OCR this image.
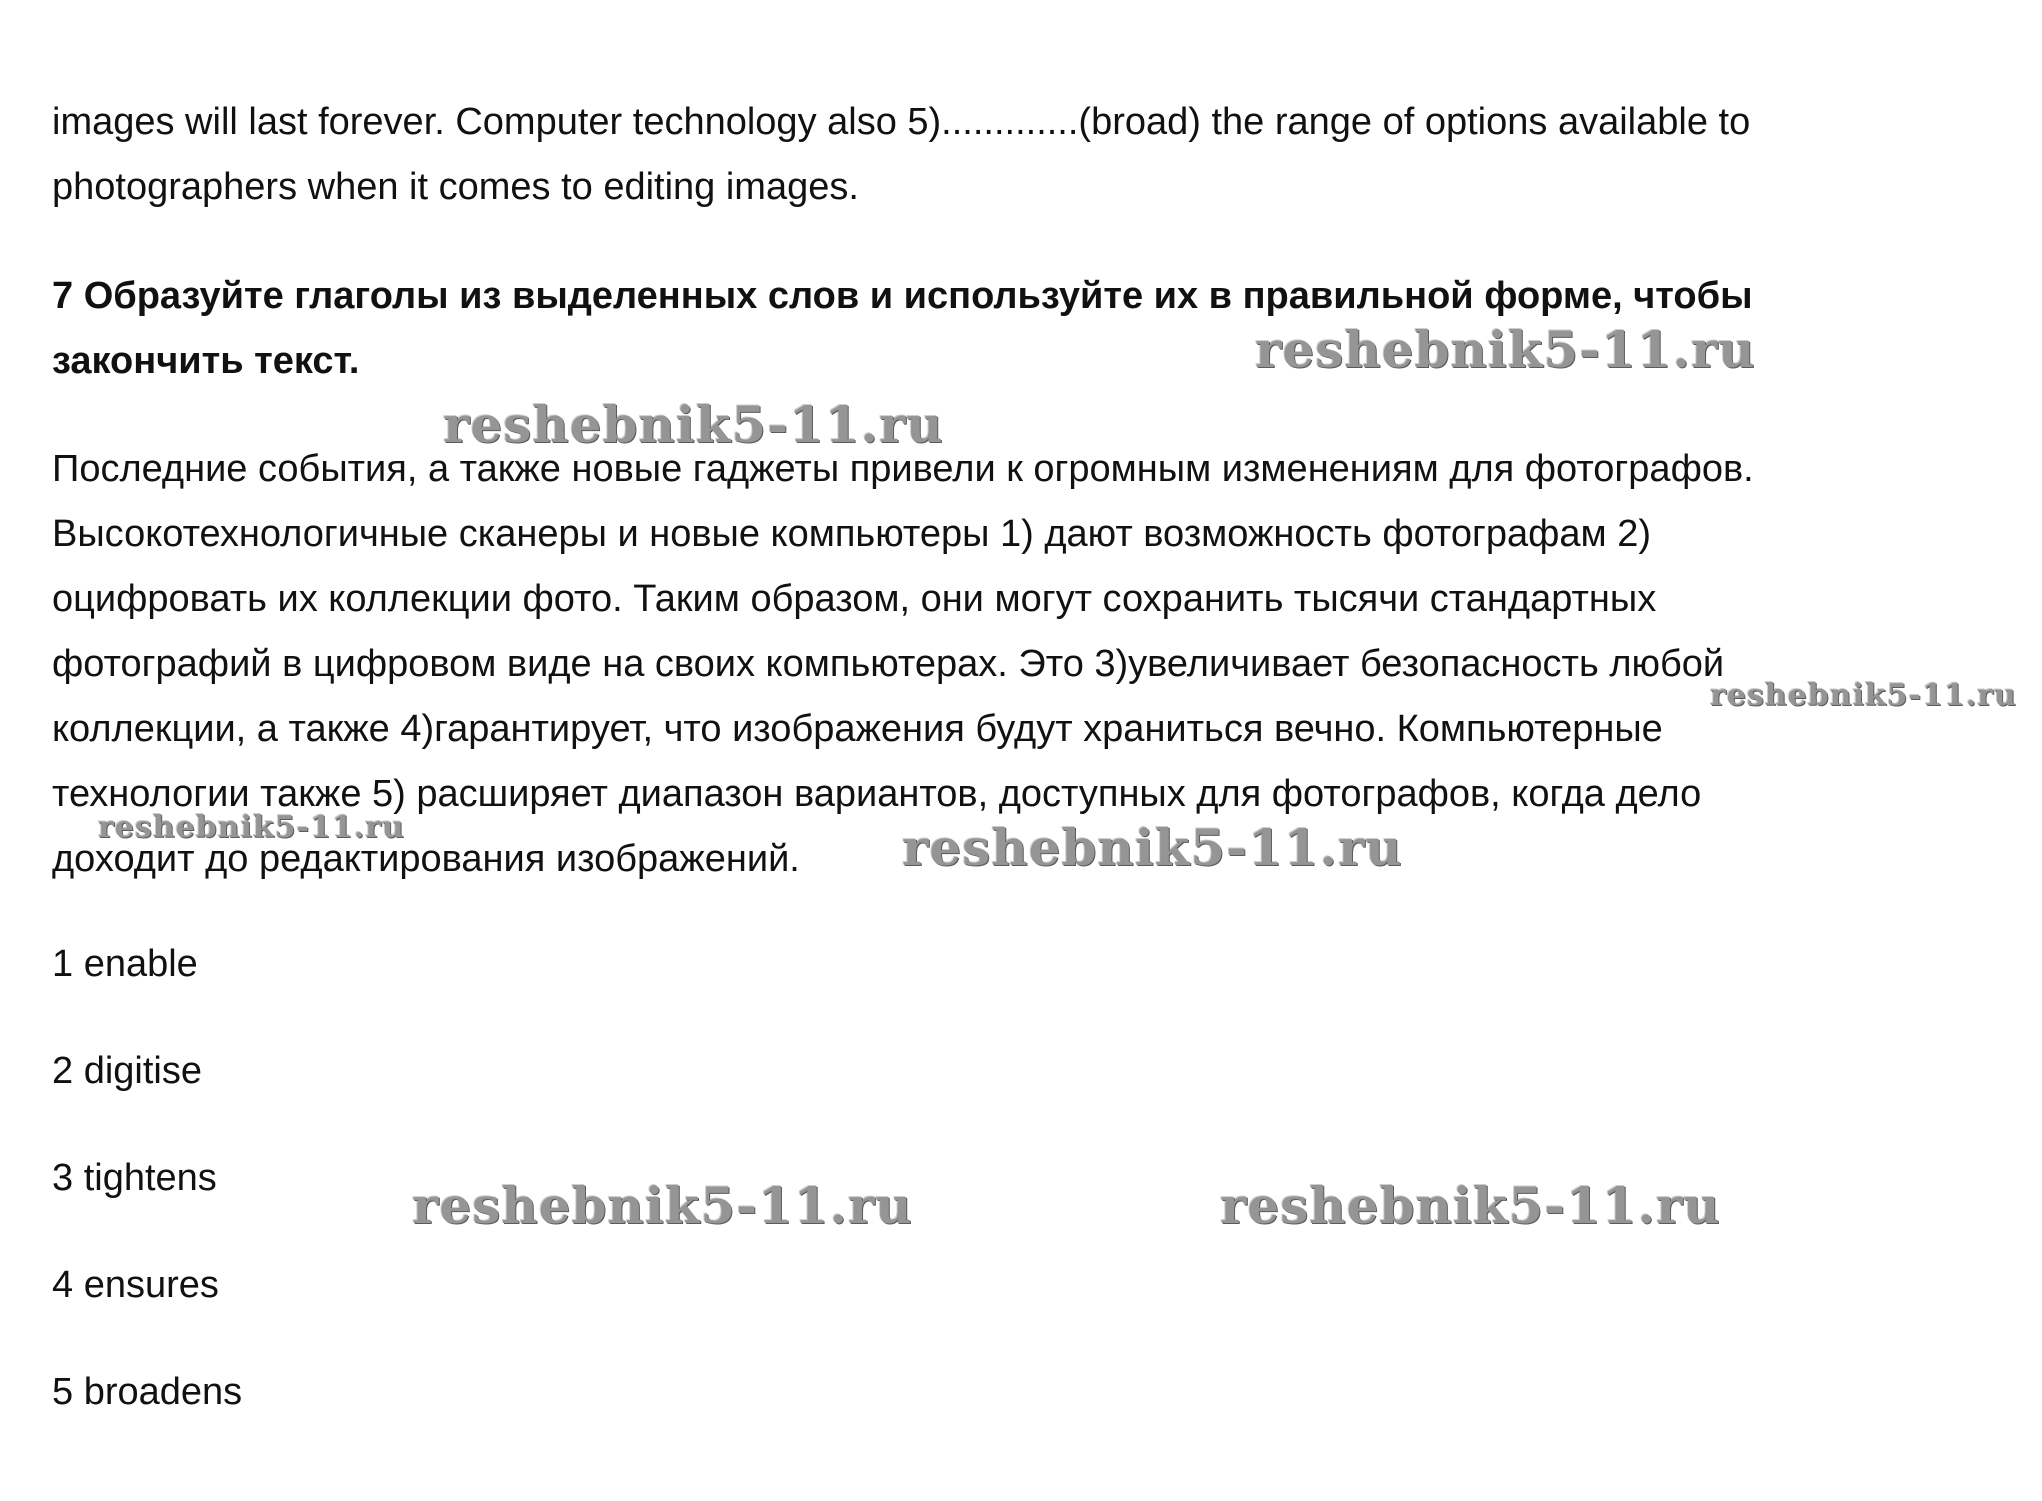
images will last forever. Computer technology also 5).............(broad) the range of options available to
photographers when it comes to editing images.
7 Образуйте глаголы из выделенных слов и используйте их в правильной форме, чтобы
закончить текст.
Последние события, а также новые гаджеты привели к огромным изменениям для фотографов.
Высокотехнологичные сканеры и новые компьютеры 1) дают возможность фотографам 2)
оцифровать их коллекции фото. Таким образом, они могут сохранить тысячи стандартных
фотографий в цифровом виде на своих компьютерах. Это 3)увеличивает безопасность любой
коллекции, а также 4)гарантирует, что изображения будут храниться вечно. Компьютерные
технологии также 5) расширяет диапазон вариантов, доступных для фотографов, когда дело
доходит до редактирования изображений.
1 enable
2 digitise
3 tightens
4 ensures
5 broadens
reshebnik5-11.ru
reshebnik5-11.ru
reshebnik5-11.ru
reshebnik5-11.ru	reshebnik5-11.ru
reshebnik5-11.ru	reshebnik5-11.ru
